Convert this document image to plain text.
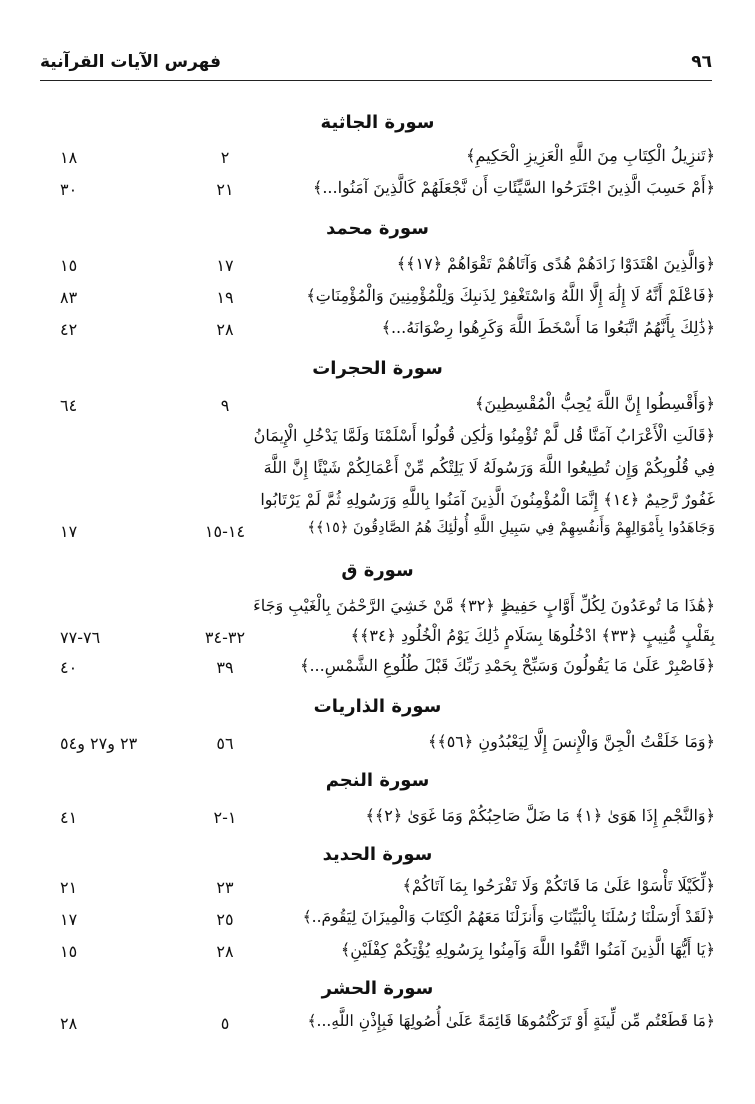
فهرس الآيات القرآنية	٩٦
سورة الجاثية
﴿تَنزِيلُ الْكِتَابِ مِنَ اللَّهِ الْعَزِيزِ الْحَكِيمِ﴾
٢
١٨
﴿أَمْ حَسِبَ الَّذِينَ اجْتَرَحُوا السَّيِّئَاتِ أَن نَّجْعَلَهُمْ كَالَّذِينَ آمَنُوا...﴾
٢١
٣٠
سورة محمد
﴿وَالَّذِينَ اهْتَدَوْا زَادَهُمْ هُدًى وَآتَاهُمْ تَقْوَاهُمْ ﴿١٧﴾﴾
١٧
١٥
﴿فَاعْلَمْ أَنَّهُ لَا إِلَٰهَ إِلَّا اللَّهُ وَاسْتَغْفِرْ لِذَنبِكَ وَلِلْمُؤْمِنِينَ وَالْمُؤْمِنَاتِ﴾
١٩
٨٣
﴿ذَٰلِكَ بِأَنَّهُمُ اتَّبَعُوا مَا أَسْخَطَ اللَّهَ وَكَرِهُوا رِضْوَانَهُ...﴾
٢٨
٤٢
سورة الحجرات
﴿وَأَقْسِطُوا إِنَّ اللَّهَ يُحِبُّ الْمُقْسِطِينَ﴾
٩
٦٤
﴿قَالَتِ الْأَعْرَابُ آمَنَّا قُل لَّمْ تُؤْمِنُوا وَلَٰكِن قُولُوا أَسْلَمْنَا وَلَمَّا يَدْخُلِ الْإِيمَانُ
فِي قُلُوبِكُمْ وَإِن تُطِيعُوا اللَّهَ وَرَسُولَهُ لَا يَلِتْكُم مِّنْ أَعْمَالِكُمْ شَيْئًا إِنَّ اللَّهَ
غَفُورٌ رَّحِيمٌ ﴿١٤﴾ إِنَّمَا الْمُؤْمِنُونَ الَّذِينَ آمَنُوا بِاللَّهِ وَرَسُولِهِ ثُمَّ لَمْ يَرْتَابُوا
وَجَاهَدُوا بِأَمْوَالِهِمْ وَأَنفُسِهِمْ فِي سَبِيلِ اللَّهِ أُولَٰئِكَ هُمُ الصَّادِقُونَ ﴿١٥﴾﴾
١٤-١٥
١٧
سورة ق
﴿هَٰذَا مَا تُوعَدُونَ لِكُلِّ أَوَّابٍ حَفِيظٍ ﴿٣٢﴾ مَّنْ خَشِيَ الرَّحْمَٰنَ بِالْغَيْبِ وَجَاءَ
بِقَلْبٍ مُّنِيبٍ ﴿٣٣﴾ ادْخُلُوهَا بِسَلَامٍ ذَٰلِكَ يَوْمُ الْخُلُودِ ﴿٣٤﴾﴾
٣٢-٣٤
٧٦-٧٧
﴿فَاصْبِرْ عَلَىٰ مَا يَقُولُونَ وَسَبِّحْ بِحَمْدِ رَبِّكَ قَبْلَ طُلُوعِ الشَّمْسِ...﴾
٣٩
٤٠
سورة الذاريات
﴿وَمَا خَلَقْتُ الْجِنَّ وَالْإِنسَ إِلَّا لِيَعْبُدُونِ ﴿٥٦﴾﴾
٥٦
٢٣ و٢٧ و٥٤
سورة النجم
﴿وَالنَّجْمِ إِذَا هَوَىٰ ﴿١﴾ مَا ضَلَّ صَاحِبُكُمْ وَمَا غَوَىٰ ﴿٢﴾﴾
١-٢
٤١
سورة الحديد
﴿لِّكَيْلَا تَأْسَوْا عَلَىٰ مَا فَاتَكُمْ وَلَا تَفْرَحُوا بِمَا آتَاكُمْ﴾
٢٣
٢١
﴿لَقَدْ أَرْسَلْنَا رُسُلَنَا بِالْبَيِّنَاتِ وَأَنزَلْنَا مَعَهُمُ الْكِتَابَ وَالْمِيزَانَ لِيَقُومَ..﴾
٢٥
١٧
﴿يَا أَيُّهَا الَّذِينَ آمَنُوا اتَّقُوا اللَّهَ وَآمِنُوا بِرَسُولِهِ يُؤْتِكُمْ كِفْلَيْنِ﴾
٢٨
١٥
سورة الحشر
﴿مَا قَطَعْتُم مِّن لِّينَةٍ أَوْ تَرَكْتُمُوهَا قَائِمَةً عَلَىٰ أُصُولِهَا فَبِإِذْنِ اللَّهِ...﴾
٥
٢٨
